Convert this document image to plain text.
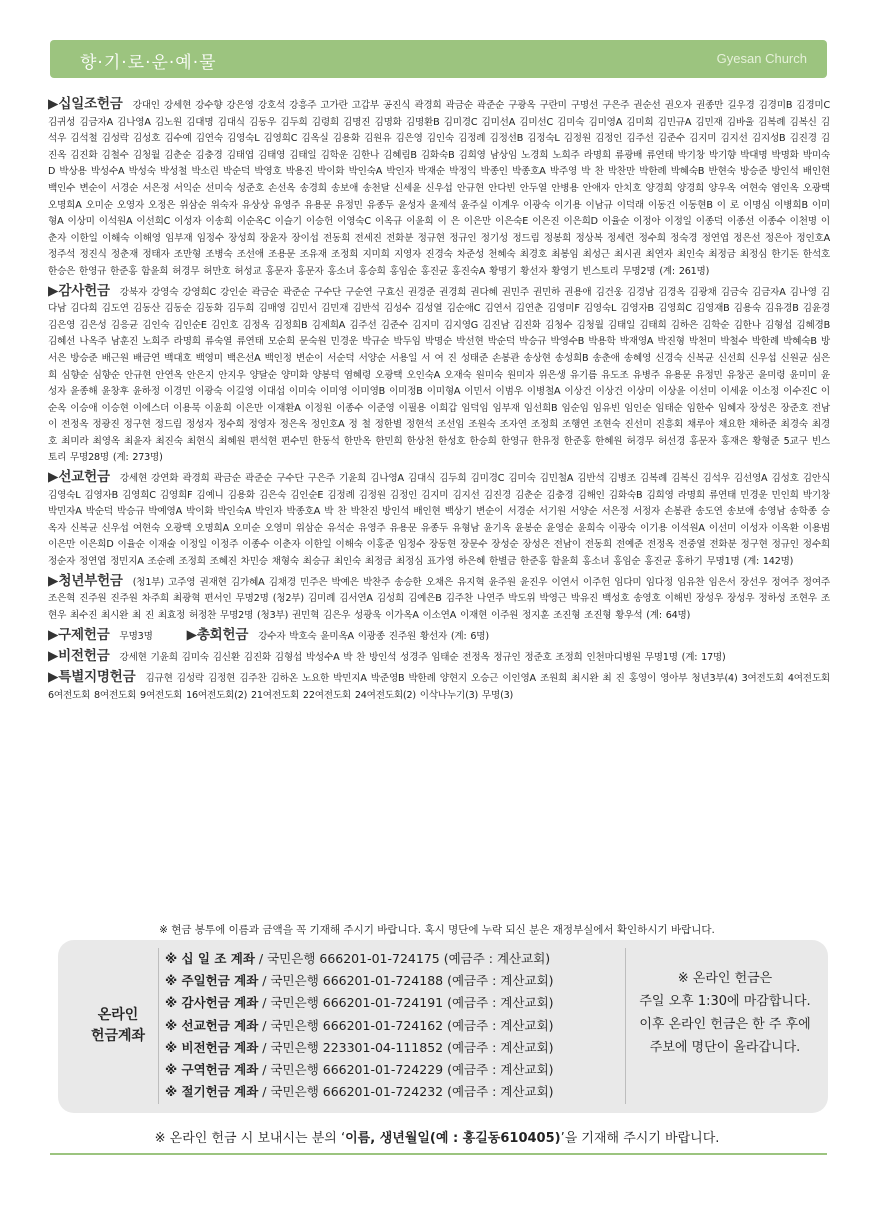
향·기·로·운·예·물	Gyesan Church

▶십일조헌금 강대인 강세현 강수향 강은영 강호석 강흥주 고가란 고갑부 공진식 곽경희 곽금순 곽준순 구광옥 구란미 구명선 구은주 권순선 권오자 권종만 길우경 김경미B 김경미C 김귀성 김금자A 김나영A 김노원 김대명 김대식 김동우 김두희 김령희 김명진 김명화 김명환B 김미경C 김미선A 김미선C 김미숙 김미영A 김미희 김민규A 김민재 김바울 김복례 김복신 김석우 김석철 김성락 김성호 김수예 김연숙 김영숙L 김영희C 김옥실 김용화 김원유 김은영 김인숙 김정례 김정선B 김정숙L 김정원 김정인 김주선 김준수 김지미 김지선 김지성B 김진경 김진옥 김진화 김철수 김청월 김춘순 김충경 김태엽 김태영 김태일 김학운 김한나 김혜림B 김화숙B 김희영 남상임 노경희 노희주 라명희 류광배 류연태 박기창 박기향 박대명 박명화 박미숙D 박상용 박성수A 박성숙 박성철 박소린 박순덕 박영호 박용진 박이화 박인숙A 박인자 박재순 박정익 박종인 박종호A 박주영 박 찬 박찬만 박한례 박혜숙B 반현숙 방승준 방인석 배인현 백인수 변순이 서경순 서은정 서익순 선미숙 성준호 손선옥 송경희 송보애 송천달 신세윤 신우섭 안규현 안다빈 안두열 안병용 안애자 안치호 양경희 양경희 양우옥 여현숙 염인옥 오광택 오명희A 오미순 오영자 오정은 위삼순 위숙자 유상상 유영주 유용문 유정민 유종두 윤성자 윤제석 윤주실 이계우 이광숙 이기용 이남규 이덕래 이동건 이동현B 이 로 이명심 이병희B 이미형A 이상미 이석원A 이선희C 이성자 이송희 이순옥C 이슬기 이승헌 이영숙C 이옥규 이윤희 이 은 이은만 이은숙E 이은진 이은희D 이율순 이정아 이정일 이종덕 이종선 이종수 이천명 이춘자 이한일 이해숙 이해영 임부재 임정수 장성희 장윤자 장이섭 전동희 전세진 전화분 정규현 정규인 정기성 정드림 정봉희 정상복 정세련 정수희 정숙경 정연엽 정은선 정은아 정인호A 정주석 정진식 정춘재 정태자 조만형 조병숙 조선애 조용문 조유재 조정희 지미희 지영자 진경숙 차준성 천혜숙 최경호 최봉임 최성근 최시권 최연자 최인숙 최정금 최정심 한기돈 한석호 한승은 한영규 한준홍 함윤희 허경무 허만호 허성교 홍문자 홍문자 홍소녀 홍승희 홍임순 홍진균 홍진숙A 황명기 황선자 황영기 빈스토리 무명2명 (계: 261명)

▶감사헌금 강북자 강영숙 강영희C 강인순 곽금순 곽준순 구수단 구순연 구효신 권경준 권경희 권다혜 권민주 권민하 권용애 김건웅 김경남 김경옥 김광채 김금숙 김금자A 김나영 김다남 김다희 김도연 김동산 김동순 김동화 김두희 김매영 김민서 김민재 김반석 김성수 김성열 김순애C 김연서 김연춘 김영미F 김영숙L 김영자B 김영희C 김영재B 김용숙 김유경B 김윤경 김은영 김은성 김응균 김인숙 김인순E 김인호 김정옥 김정희B 김제희A 김주선 김준수 김지미 김지영G 김진남 김진화 김청수 김청월 김태일 김태희 김하은 김학순 김한나 김형섭 김혜경B 김혜선 나옥주 남훈진 노희주 라명희 류숙열 류연태 모순희 문숙원 민경운 박규순 박두임 박명순 박선현 박순덕 박승규 박영수B 박용학 박재영A 박진형 박천미 박철수 박한례 박혜숙B 방서은 방승준 배근원 배금연 백대호 백영미 백은선A 백인정 변순이 서순덕 서양순 서용일 서 여 진 성태준 손봉관 송상현 송성희B 송춘애 송혜영 신경숙 신복균 신선희 신우섭 신원균 심은희 심향순 심향순 안규현 안연옥 안은지 안지우 양달순 양미화 양봉덕 염혜령 오광택 오인숙A 오재숙 원미숙 원미자 위은생 유기름 유도조 유병주 유용문 유정민 유창곤 윤미령 윤미미 윤성자 윤종해 윤창후 윤하정 이경민 이광숙 이길영 이대섭 이미숙 이미영 이미영B 이미정B 이미형A 이민서 이범우 이병철A 이상건 이상건 이상미 이상윤 이선미 이세윤 이소정 이수진C 이순옥 이승애 이승현 이에스더 이용묵 이윤희 이은만 이재환A 이정원 이종수 이준영 이필용 이희갑 임덕임 임부재 임선희B 임순임 임유빈 임인순 임태순 임한수 임혜자 장성은 장준호 전남이 전정옥 정광진 정구현 정드림 정성자 정수희 정영자 정은옥 정인호A 정 철 정한별 정현석 조선임 조원숙 조자연 조정희 조행연 조현숙 진선미 진흥회 채루아 채요한 채하준 최경숙 최경호 최미라 최영옥 최윤자 최진숙 최현식 최혜원 편석현 편수민 한동석 한만옥 한민희 한상천 한성호 한승희 한영규 한유정 한준홍 한혜원 허경무 허선경 홍문자 홍재은 황형준 5교구 빈스토리 무명28명 (계: 273명)

▶선교헌금 강세현 강연화 곽경희 곽금순 곽준순 구수단 구은주 기윤희 김나영A 김대식 김두희 김미경C 김미숙 김민철A 김반석 김병조 김복례 김복신 김석우 김선영A 김성호 김안식 김영숙L 김영자B 김영희C 김영희F 김예니 김용화 김은숙 김인순E 김정례 김정원 김정인 김지미 김지선 김진경 김춘순 김충경 김해인 김화숙B 김희영 라명희 류연태 민경운 민인희 박기창 박민자A 박순덕 박승규 박예영A 박이화 박인숙A 박인자 박종호A 박 찬 박찬진 방인석 배인현 백상기 변순이 서경순 서기원 서양순 서은정 서정자 손봉관 송도연 송보애 송영남 송학종 승옥자 신복균 신우섭 여현숙 오광택 오명희A 오미순 오영미 위삼순 유석순 유영주 유용문 유종두 유형남 윤기옥 윤봉순 윤영순 윤희숙 이광숙 이기용 이석원A 이선미 이성자 이옥환 이용범 이은만 이은희D 이율순 이재술 이정일 이정주 이종수 이춘자 이한일 이해숙 이홍준 임정수 장동현 장문수 장성순 장성은 전남이 전동희 전예준 전정옥 전중열 전화분 정구현 정규인 정수희 정순자 정연엽 정민지A 조순례 조정희 조혜진 차민승 채형숙 최승규 최인숙 최정금 최정심 표가영 하은혜 한별금 한준홍 함윤희 홍소녀 홍임순 홍진균 홍하기 무명1명 (계: 142명)

▶청년부헌금 (청1부) 고주영 권재현 김가혜A 김채경 민주은 박예은 박찬주 송승한 오채은 유지혁 윤주원 윤진우 이연서 이주헌 임다미 임다정 임유찬 임은서 장선우 정여주 정여주 조은혁 진주원 진주원 차주희 최광혁 편서인 무명2명 (청2부) 김미례 김서연A 김성희 김예은B 김주찬 나연주 박도위 박영근 박유진 백성호 송영호 이해빈 장성우 장성우 정하성 조현우 조현우 최수진 최시완 최 진 최효정 허정찬 무명2명 (청3부) 권민혁 김은우 성광욱 이가옥A 이소연A 이재현 이주원 정지훈 조진형 조진형 황우석 (계: 64명)

▶구제헌금 무명3명	▶총회헌금 강수자 박호숙 윤미옥A 이광종 진주원 황선자 (계: 6명)

▶비전헌금 강세현 기윤희 김미숙 김신환 김진화 김형섭 박성수A 박 찬 방인석 성경주 임태순 전정옥 정규인 정준호 조정희 인천마디병원 무명1명 (계: 17명)

▶특별지명헌금 김규현 김성락 김정현 김주찬 김하온 노요한 박민지A 박준영B 박한례 양현지 오승근 이인영A 조원희 최시완 최 진 홍영이 영아부 청년3부(4) 3여전도회 4여전도회 6여전도회 8여전도회 9여전도회 16여전도회(2) 21여전도회 22여전도회 24여전도회(2) 이삭나누기(3) 무명(3)

※ 현금 봉투에 이름과 금액을 꼭 기재해 주시기 바랍니다. 혹시 명단에 누락 되신 분은 재정부실에서 확인하시기 바랍니다.
온라인
헌금계좌
※ 십 일 조 계좌 / 국민은행 666201-01-724175 (예금주 : 계산교회)
※ 주일헌금 계좌 / 국민은행 666201-01-724188 (예금주 : 계산교회)
※ 감사헌금 계좌 / 국민은행 666201-01-724191 (예금주 : 계산교회)
※ 선교헌금 계좌 / 국민은행 666201-01-724162 (예금주 : 계산교회)
※ 비전헌금 계좌 / 국민은행 223301-04-111852 (예금주 : 계산교회)
※ 구역헌금 계좌 / 국민은행 666201-01-724229 (예금주 : 계산교회)
※ 절기헌금 계좌 / 국민은행 666201-01-724232 (예금주 : 계산교회)
※ 온라인 헌금은
주일 오후 1:30에 마감합니다.
이후 온라인 헌금은 한 주 후에
주보에 명단이 올라갑니다.
※ 온라인 헌금 시 보내시는 분의 ‘이름, 생년월일(예 : 홍길동610405)’을 기재해 주시기 바랍니다.
